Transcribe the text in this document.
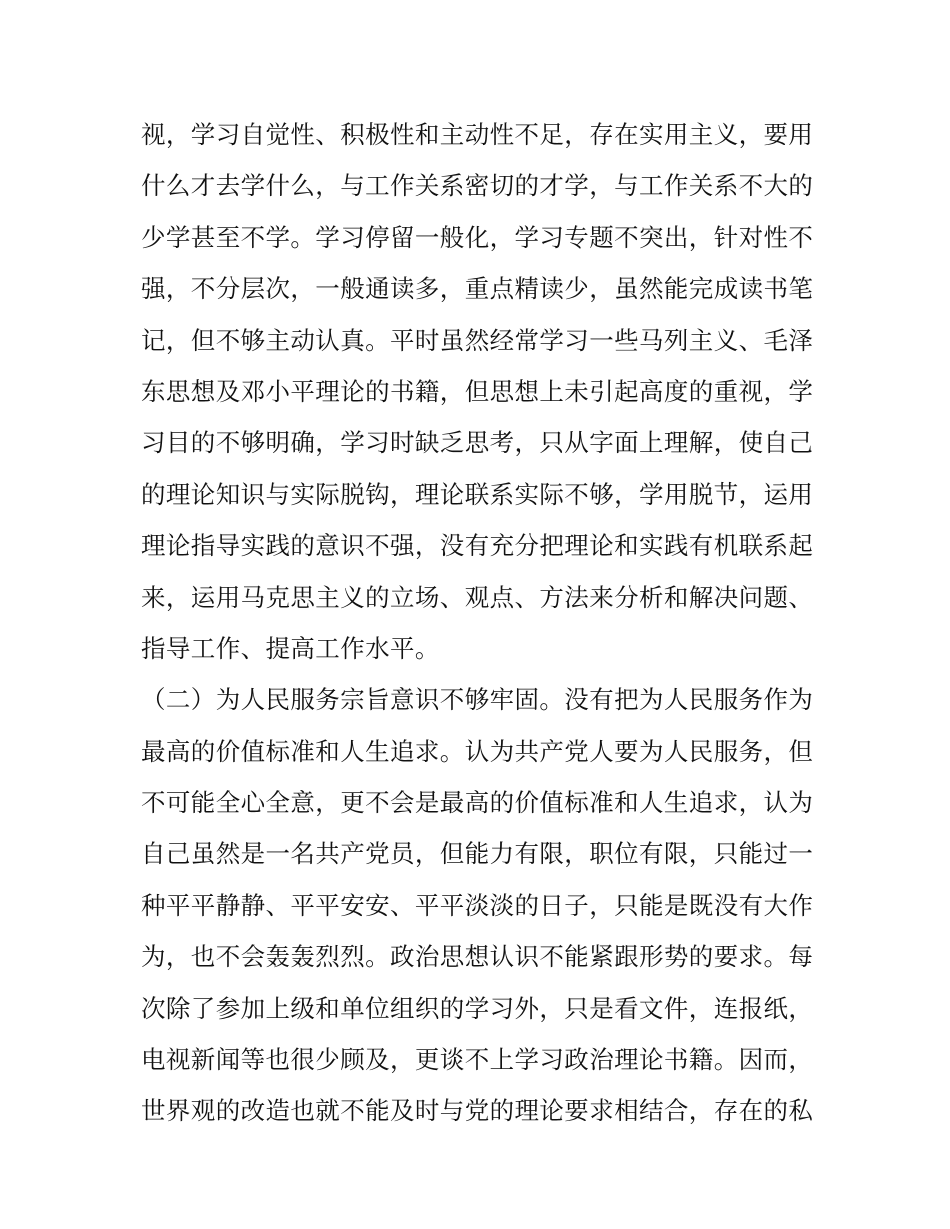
视，学习自觉性、积极性和主动性不足，存在实用主义，要用
什么才去学什么，与工作关系密切的才学，与工作关系不大的
少学甚至不学。学习停留一般化，学习专题不突出，针对性不
强，不分层次，一般通读多，重点精读少，虽然能完成读书笔
记，但不够主动认真。平时虽然经常学习一些马列主义、毛泽
东思想及邓小平理论的书籍，但思想上未引起高度的重视，学
习目的不够明确，学习时缺乏思考，只从字面上理解，使自己
的理论知识与实际脱钩，理论联系实际不够，学用脱节，运用
理论指导实践的意识不强，没有充分把理论和实践有机联系起
来，运用马克思主义的立场、观点、方法来分析和解决问题、
指导工作、提高工作水平。
（二）为人民服务宗旨意识不够牢固。没有把为人民服务作为
最高的价值标准和人生追求。认为共产党人要为人民服务，但
不可能全心全意，更不会是最高的价值标准和人生追求，认为
自己虽然是一名共产党员，但能力有限，职位有限，只能过一
种平平静静、平平安安、平平淡淡的日子，只能是既没有大作
为，也不会轰轰烈烈。政治思想认识不能紧跟形势的要求。每
次除了参加上级和单位组织的学习外，只是看文件，连报纸，
电视新闻等也很少顾及，更谈不上学习政治理论书籍。因而，
世界观的改造也就不能及时与党的理论要求相结合，存在的私
